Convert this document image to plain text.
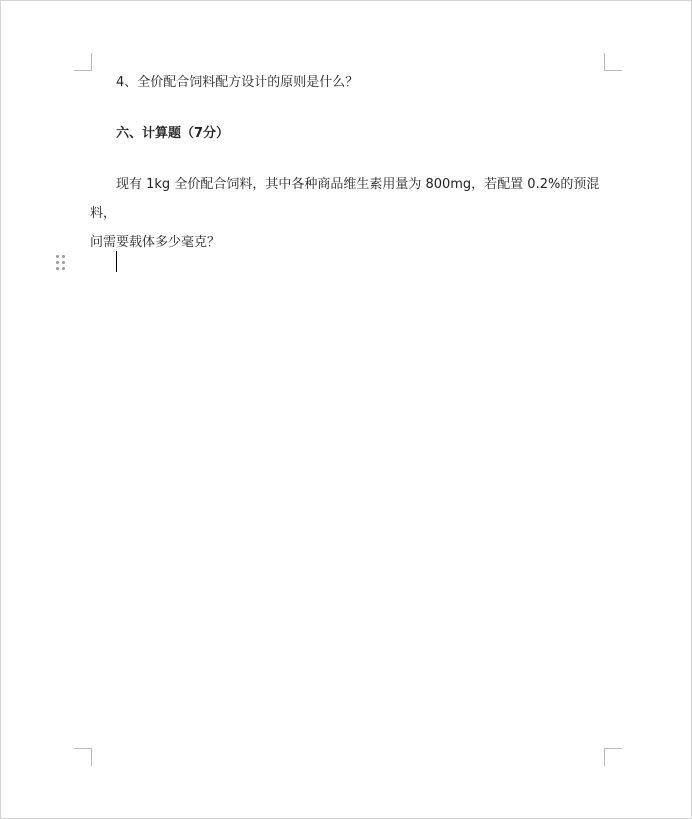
4、全价配合饲料配方设计的原则是什么？
六、计算题（7分）
现有 1kg 全价配合饲料，其中各种商品维生素用量为 800mg，若配置 0.2%的预混料，
问需要载体多少毫克？
